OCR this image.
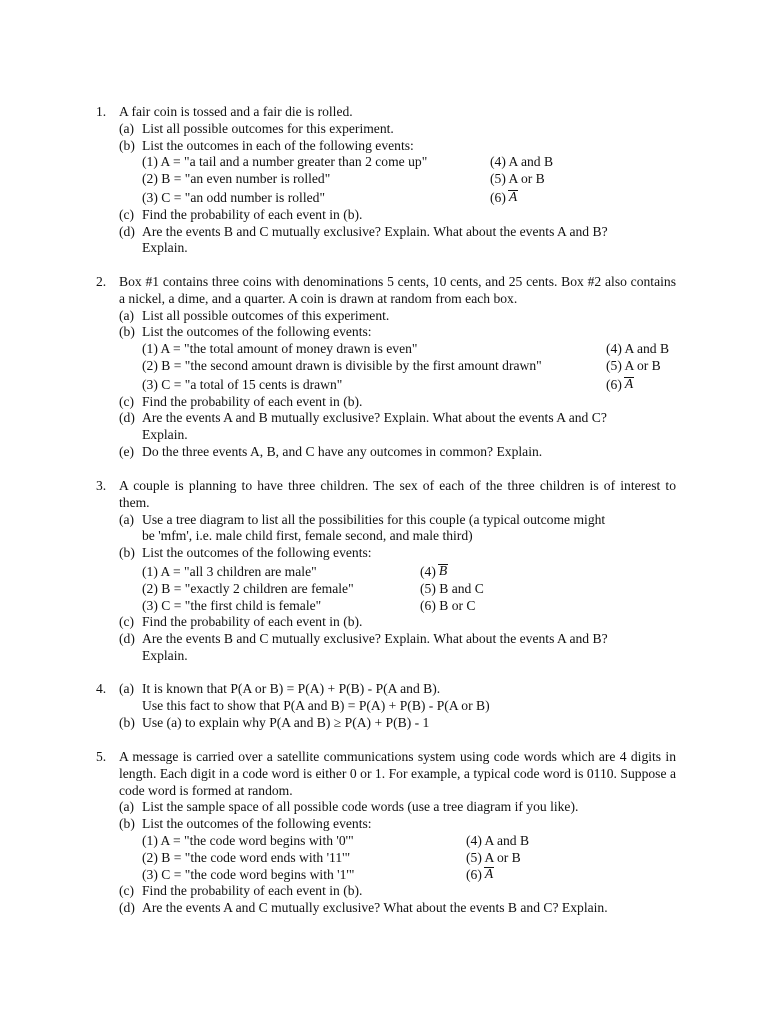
1. A fair coin is tossed and a fair die is rolled.
(a) List all possible outcomes for this experiment.
(b) List the outcomes in each of the following events:
(1) A = "a tail and a number greater than 2 come up"	(4) A and B
(2) B = "an even number is rolled"	(5) A or B
(3) C = "an odd number is rolled"	(6) A
(c) Find the probability of each event in (b).
(d) Are the events B and C mutually exclusive? Explain. What about the events A and B?
Explain.
2. Box #1 contains three coins with denominations 5 cents, 10 cents, and 25 cents. Box #2 also contains a nickel, a dime, and a quarter. A coin is drawn at random from each box.
(a) List all possible outcomes of this experiment.
(b) List the outcomes of the following events:
(1) A = "the total amount of money drawn is even"	(4) A and B
(2) B = "the second amount drawn is divisible by the first amount drawn"	(5) A or B
(3) C = "a total of 15 cents is drawn"	(6) A
(c) Find the probability of each event in (b).
(d) Are the events A and B mutually exclusive? Explain. What about the events A and C?
Explain.
(e) Do the three events A, B, and C have any outcomes in common? Explain.
3. A couple is planning to have three children. The sex of each of the three children is of interest to them.
(a) Use a tree diagram to list all the possibilities for this couple (a typical outcome might
be 'mfm', i.e. male child first, female second, and male third)
(b) List the outcomes of the following events:
(1) A = "all 3 children are male"	(4) B
(2) B = "exactly 2 children are female"	(5) B and C
(3) C = "the first child is female"	(6) B or C
(c) Find the probability of each event in (b).
(d) Are the events B and C mutually exclusive? Explain. What about the events A and B?
Explain.
4. (a) It is known that P(A or B) = P(A) + P(B) - P(A and B).
Use this fact to show that P(A and B) = P(A) + P(B) - P(A or B)
(b) Use (a) to explain why P(A and B) ≥ P(A) + P(B) - 1
5. A message is carried over a satellite communications system using code words which are 4 digits in length. Each digit in a code word is either 0 or 1. For example, a typical code word is 0110. Suppose a code word is formed at random.
(a) List the sample space of all possible code words (use a tree diagram if you like).
(b) List the outcomes of the following events:
(1) A = "the code word begins with '0'"	(4) A and B
(2) B = "the code word ends with '11'"	(5) A or B
(3) C = "the code word begins with '1'"	(6) A
(c) Find the probability of each event in (b).
(d) Are the events A and C mutually exclusive? What about the events B and C? Explain.
